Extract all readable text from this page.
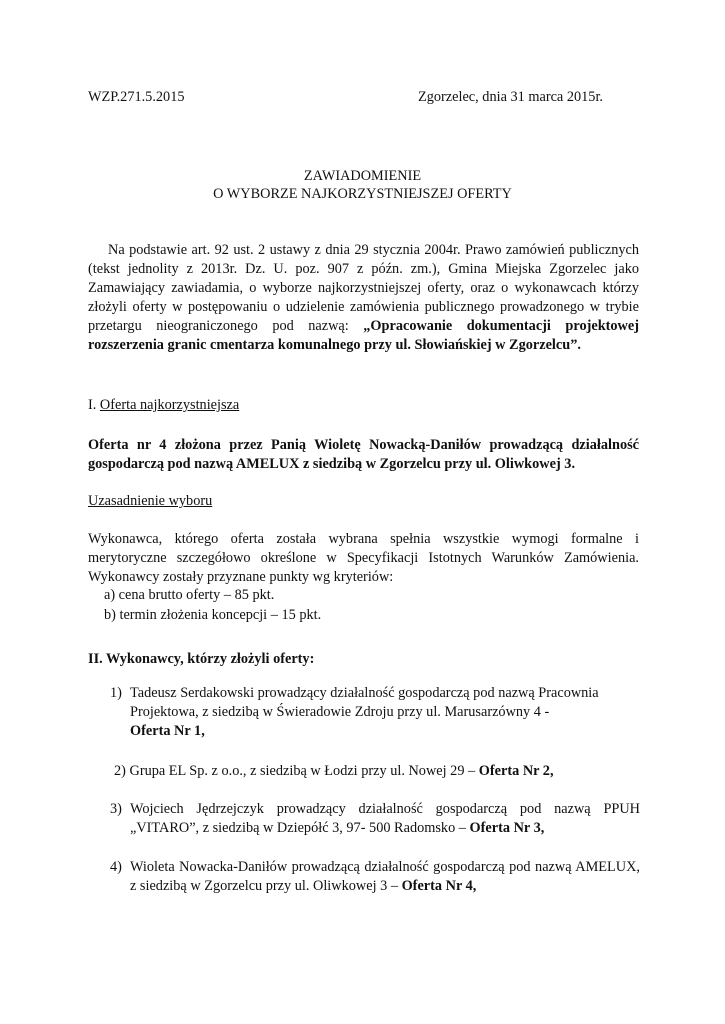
WZP.271.5.2015	Zgorzelec, dnia 31 marca 2015r.
ZAWIADOMIENIE
O WYBORZE NAJKORZYSTNIEJSZEJ OFERTY
Na podstawie art. 92 ust. 2 ustawy z dnia 29 stycznia 2004r. Prawo zamówień publicznych (tekst jednolity z 2013r. Dz. U. poz. 907 z późn. zm.), Gmina Miejska Zgorzelec jako Zamawiający zawiadamia, o wyborze najkorzystniejszej oferty, oraz o wykonawcach którzy złożyli oferty w postępowaniu o udzielenie zamówienia publicznego prowadzonego w trybie przetargu nieograniczonego pod nazwą: „Opracowanie dokumentacji projektowej rozszerzenia granic cmentarza komunalnego przy ul. Słowiańskiej w Zgorzelcu”.
I. Oferta najkorzystniejsza
Oferta nr 4 złożona przez Panią Wioletę Nowacką-Daniłów prowadzącą działalność gospodarczą pod nazwą AMELUX z siedzibą w Zgorzelcu przy ul. Oliwkowej 3.
Uzasadnienie wyboru
Wykonawca, którego oferta została wybrana spełnia wszystkie wymogi formalne i merytoryczne szczegółowo określone w Specyfikacji Istotnych Warunków Zamówienia. Wykonawcy zostały przyznane punkty wg kryteriów:
a) cena brutto oferty – 85 pkt.
b) termin złożenia koncepcji – 15 pkt.
II. Wykonawcy, którzy złożyli oferty:
1) Tadeusz Serdakowski prowadzący działalność gospodarczą pod nazwą Pracownia Projektowa, z siedzibą w Świeradowie Zdroju przy ul. Marusarzówny 4 -
Oferta Nr 1,
2) Grupa EL Sp. z o.o., z siedzibą w Łodzi przy ul. Nowej 29 – Oferta Nr 2,
3) Wojciech Jędrzejczyk prowadzący działalność gospodarczą pod nazwą PPUH „VITARO”, z siedzibą w Dziepółć 3, 97- 500 Radomsko – Oferta Nr 3,
4) Wioleta Nowacka-Daniłów prowadzącą działalność gospodarczą pod nazwą AMELUX, z siedzibą w Zgorzelcu przy ul. Oliwkowej 3 – Oferta Nr 4,
